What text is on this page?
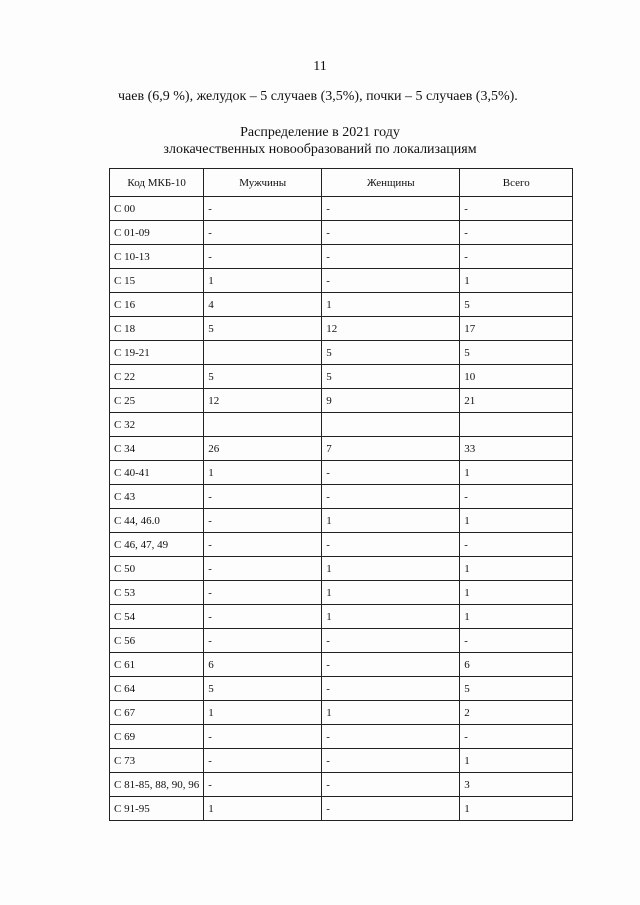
11
чаев (6,9 %), желудок – 5 случаев (3,5%), почки – 5 случаев (3,5%).
Распределение в 2021 году
злокачественных новообразований по локализациям
Код МКБ-10	Мужчины	Женщины	Всего
С 00	-	-	-
С 01-09	-	-	-
С 10-13	-	-	-
С 15	1	-	1
С 16	4	1	5
С 18	5	12	17
С 19-21		5	5
С 22	5	5	10
С 25	12	9	21
С 32			
С 34	26	7	33
С 40-41	1	-	1
С 43	-	-	-
С 44, 46.0	-	1	1
С 46, 47, 49	-	-	-
С 50	-	1	1
С 53	-	1	1
С 54	-	1	1
С 56	-	-	-
С 61	6	-	6
С 64	5	-	5
С 67	1	1	2
С 69	-	-	-
С 73	-	-	1
С 81-85, 88, 90, 96	-	-	3
С 91-95	1	-	1
